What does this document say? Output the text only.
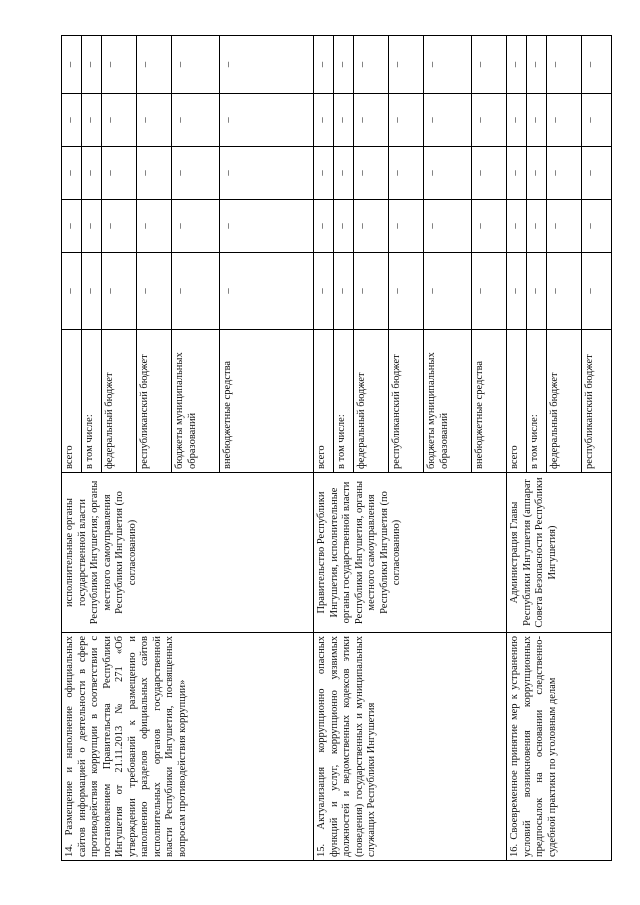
14. Размещение и наполнение официальных сайтов информацией о деятельности в сфере противодействия коррупции в соответствии с постановлением Правительства Республики Ингушетия от 21.11.2013 № 271 «Об утверждении требований к размещению и наполнению разделов официальных сайтов исполнительных органов государственной власти Республики Ингушетия, посвященных вопросам противодействия коррупции»	исполнительные органы государственной власти Республики Ингушетия; органы местного самоуправления Республики Ингушетия (по согласованию)	всего	–	–	–	–	–
		в том числе:	–	–	–	–	–
		федеральный бюджет	–	–	–	–	–
		республиканский бюджет	–	–	–	–	–
		бюджеты муниципальных образований	–	–	–	–	–
		внебюджетные средства	–	–	–	–	–
15. Актуализация коррупционно опасных функций и услуг, коррупционно уязвимых должностей и ведомственных кодексов этики (поведения) государственных и муниципальных служащих Республики Ингушетия	Правительство Республики Ингушетия, исполнительные органы государственной власти Республики Ингушетия, органы местного самоуправления Республики Ингушетия (по согласованию)	всего	–	–	–	–	–
		в том числе:	–	–	–	–	–
		федеральный бюджет	–	–	–	–	–
		республиканский бюджет	–	–	–	–	–
		бюджеты муниципальных образований	–	–	–	–	–
		внебюджетные средства	–	–	–	–	–
16. Своевременное принятие мер к устранению условий возникновения коррупционных предпосылок на основании следственно-судебной практики по уголовным делам	Администрация Главы Республики Ингушетия (аппарат Совета Безопасности Республики Ингушетия)	всего	–	–	–	–	–
		в том числе:	–	–	–	–	–
		федеральный бюджет	–	–	–	–	–
		республиканский бюджет	–	–	–	–	–
